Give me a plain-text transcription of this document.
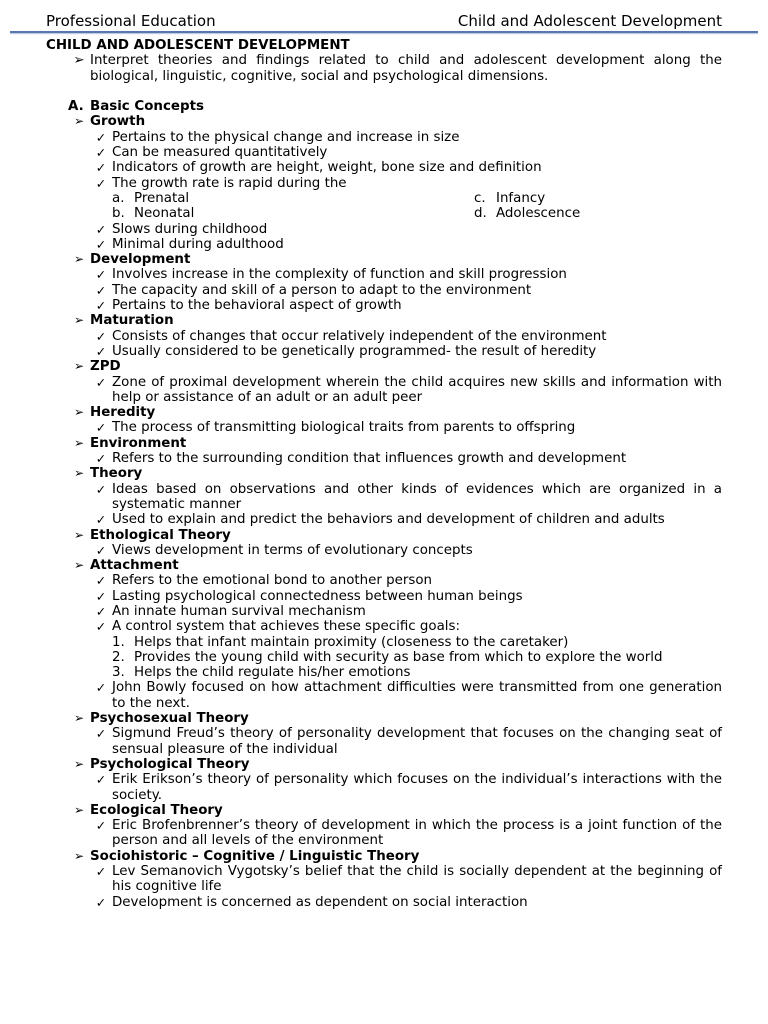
Professional Education	Child and Adolescent Development
CHILD AND ADOLESCENT DEVELOPMENT
➢ Interpret theories and findings related to child and adolescent development along the biological, linguistic, cognitive, social and psychological dimensions.
A. Basic Concepts
➢ Growth
✓ Pertains to the physical change and increase in size
✓ Can be measured quantitatively
✓ Indicators of growth are height, weight, bone size and definition
✓ The growth rate is rapid during the
a. Prenatal	c. Infancy
b. Neonatal	d. Adolescence
✓ Slows during childhood
✓ Minimal during adulthood
➢ Development
✓ Involves increase in the complexity of function and skill progression
✓ The capacity and skill of a person to adapt to the environment
✓ Pertains to the behavioral aspect of growth
➢ Maturation
✓ Consists of changes that occur relatively independent of the environment
✓ Usually considered to be genetically programmed- the result of heredity
➢ ZPD
✓ Zone of proximal development wherein the child acquires new skills and information with help or assistance of an adult or an adult peer
➢ Heredity
✓ The process of transmitting biological traits from parents to offspring
➢ Environment
✓ Refers to the surrounding condition that influences growth and development
➢ Theory
✓ Ideas based on observations and other kinds of evidences which are organized in a systematic manner
✓ Used to explain and predict the behaviors and development of children and adults
➢ Ethological Theory
✓ Views development in terms of evolutionary concepts
➢ Attachment
✓ Refers to the emotional bond to another person
✓ Lasting psychological connectedness between human beings
✓ An innate human survival mechanism
✓ A control system that achieves these specific goals:
1. Helps that infant maintain proximity (closeness to the caretaker)
2. Provides the young child with security as base from which to explore the world
3. Helps the child regulate his/her emotions
✓ John Bowly focused on how attachment difficulties were transmitted from one generation to the next.
➢ Psychosexual Theory
✓ Sigmund Freud’s theory of personality development that focuses on the changing seat of sensual pleasure of the individual
➢ Psychological Theory
✓ Erik Erikson’s theory of personality which focuses on the individual’s interactions with the society.
➢ Ecological Theory
✓ Eric Brofenbrenner’s theory of development in which the process is a joint function of the person and all levels of the environment
➢ Sociohistoric – Cognitive / Linguistic Theory
✓ Lev Semanovich Vygotsky’s belief that the child is socially dependent at the beginning of his cognitive life
✓ Development is concerned as dependent on social interaction
